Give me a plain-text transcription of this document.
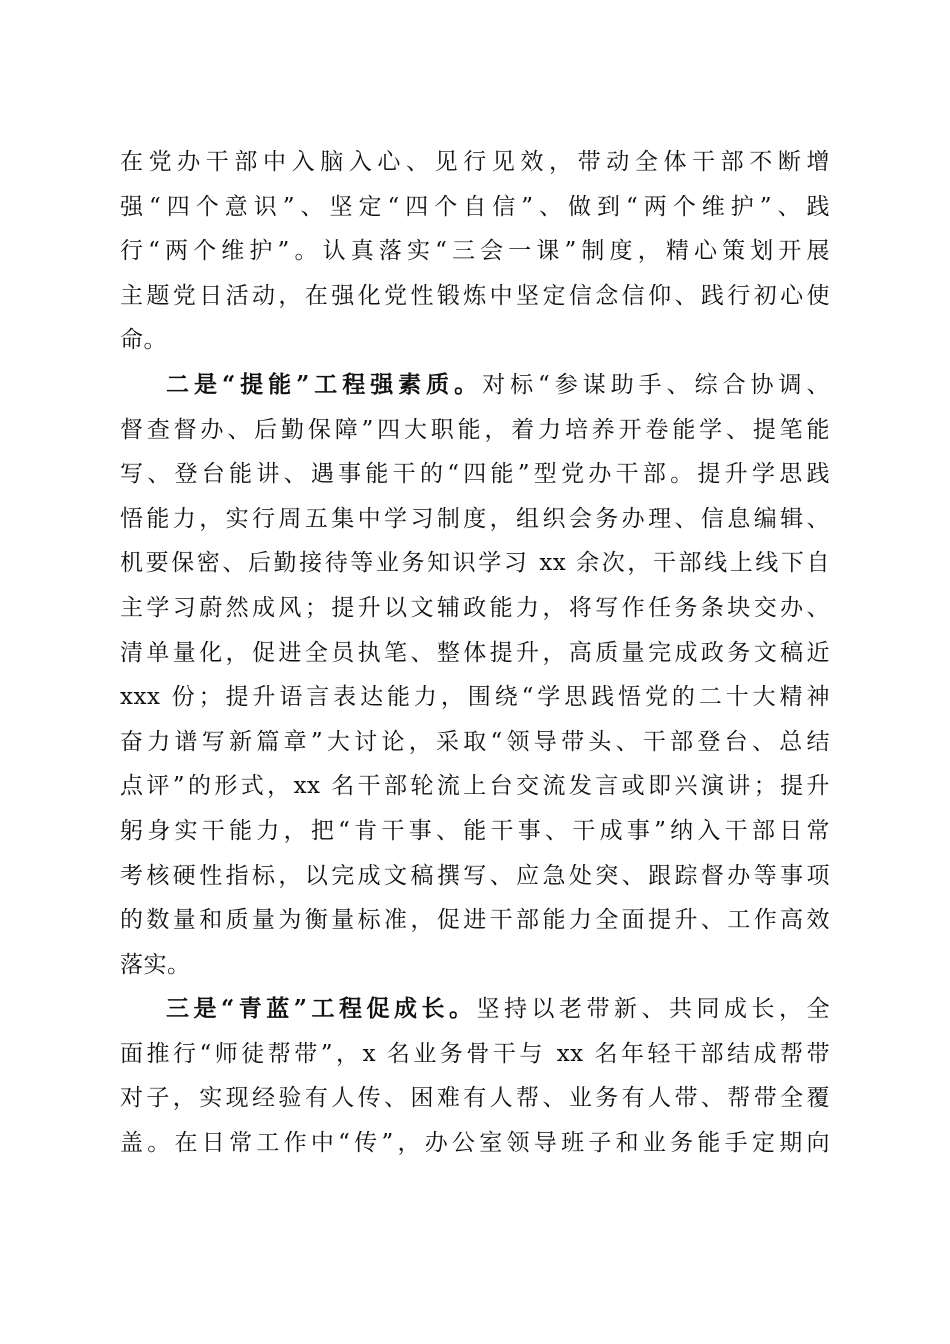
在党办干部中入脑入心、见行见效，带动全体干部不断增
强“四个意识”、坚定“四个自信”、做到“两个维护”、践
行“两个维护”。认真落实“三会一课”制度，精心策划开展
主题党日活动，在强化党性锻炼中坚定信念信仰、践行初心使
命。
二是“提能”工程强素质。对标“参谋助手、综合协调、
督查督办、后勤保障”四大职能，着力培养开卷能学、提笔能
写、登台能讲、遇事能干的“四能”型党办干部。提升学思践
悟能力，实行周五集中学习制度，组织会务办理、信息编辑、
机要保密、后勤接待等业务知识学习 xx 余次，干部线上线下自
主学习蔚然成风；提升以文辅政能力，将写作任务条块交办、
清单量化，促进全员执笔、整体提升，高质量完成政务文稿近
xxx 份；提升语言表达能力，围绕“学思践悟党的二十大精神
奋力谱写新篇章”大讨论，采取“领导带头、干部登台、总结
点评”的形式，xx 名干部轮流上台交流发言或即兴演讲；提升
躬身实干能力，把“肯干事、能干事、干成事”纳入干部日常
考核硬性指标，以完成文稿撰写、应急处突、跟踪督办等事项
的数量和质量为衡量标准，促进干部能力全面提升、工作高效
落实。
三是“青蓝”工程促成长。坚持以老带新、共同成长，全
面推行“师徒帮带”，x 名业务骨干与 xx 名年轻干部结成帮带
对子，实现经验有人传、困难有人帮、业务有人带、帮带全覆
盖。在日常工作中“传”，办公室领导班子和业务能手定期向
